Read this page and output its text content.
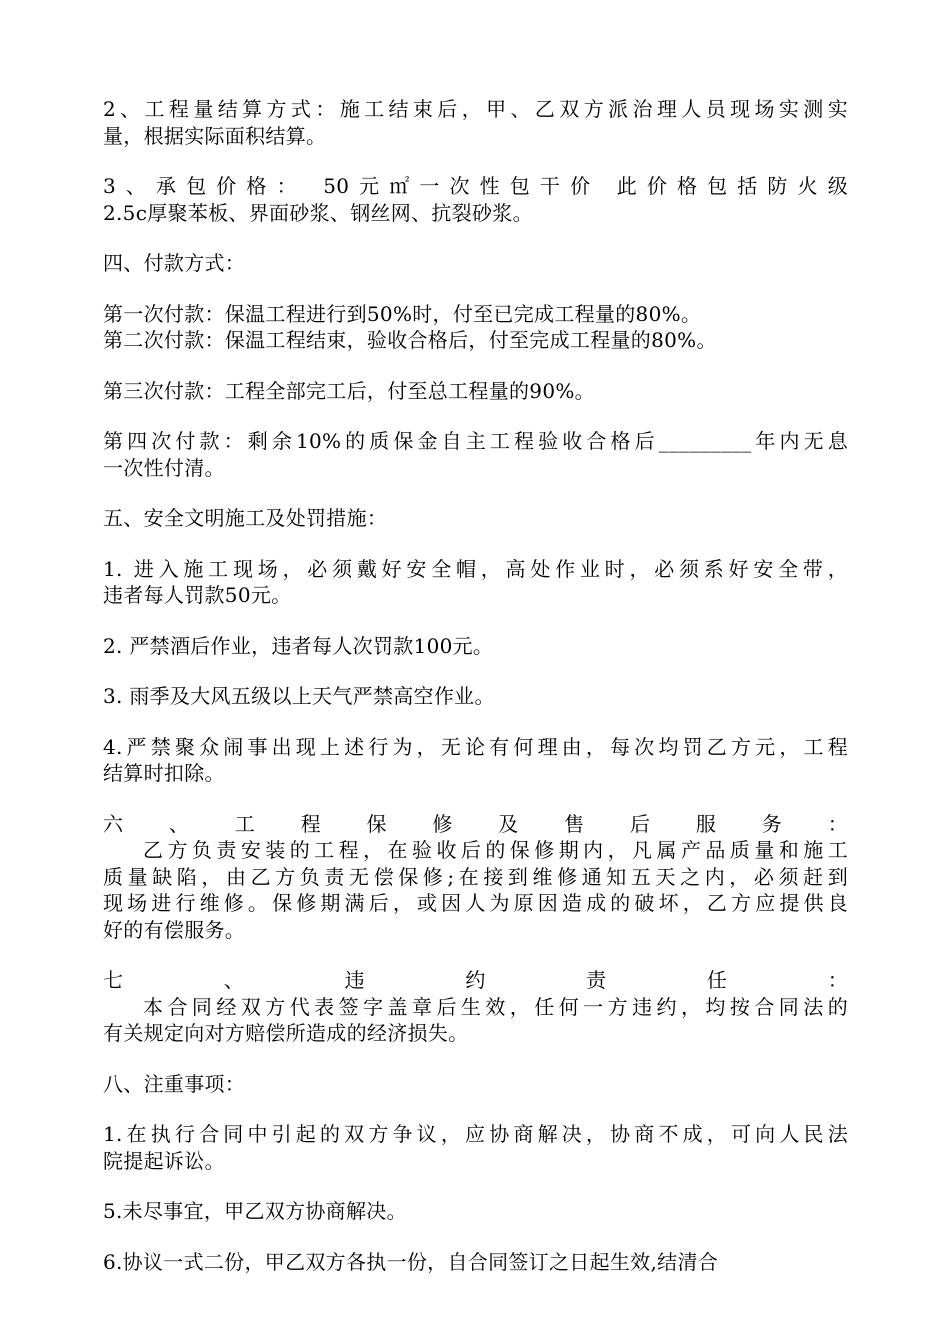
2、工程量结算方式：施工结束后，甲、乙双方派治理人员现场实测实
量，根据实际面积结算。
3、承包价格： 50元㎡一次性包干价 此价格包括防火级
2.5c厚聚苯板、界面砂浆、钢丝网、抗裂砂浆。
四、付款方式：
第一次付款：保温工程进行到50%时，付至已完成工程量的80%。
第二次付款：保温工程结束，验收合格后，付至完成工程量的80%。
第三次付款：工程全部完工后，付至总工程量的90%。
第四次付款：剩余10%的质保金自主工程验收合格后_________年内无息
一次性付清。
五、安全文明施工及处罚措施：
1. 进入施工现场，必须戴好安全帽，高处作业时，必须系好安全带，
违者每人罚款50元。
2. 严禁酒后作业，违者每人次罚款100元。
3. 雨季及大风五级以上天气严禁高空作业。
4.严禁聚众闹事出现上述行为，无论有何理由，每次均罚乙方元，工程
结算时扣除。
六、工程保修及售后服务：
乙方负责安装的工程，在验收后的保修期内，凡属产品质量和施工
质量缺陷，由乙方负责无偿保修;在接到维修通知五天之内，必须赶到
现场进行维修。保修期满后，或因人为原因造成的破坏，乙方应提供良
好的有偿服务。
七、违约责任：
本合同经双方代表签字盖章后生效，任何一方违约，均按合同法的
有关规定向对方赔偿所造成的经济损失。
八、注重事项：
1.在执行合同中引起的双方争议，应协商解决，协商不成，可向人民法
院提起诉讼。
5.未尽事宜，甲乙双方协商解决。
6.协议一式二份，甲乙双方各执一份，自合同签订之日起生效,结清合
